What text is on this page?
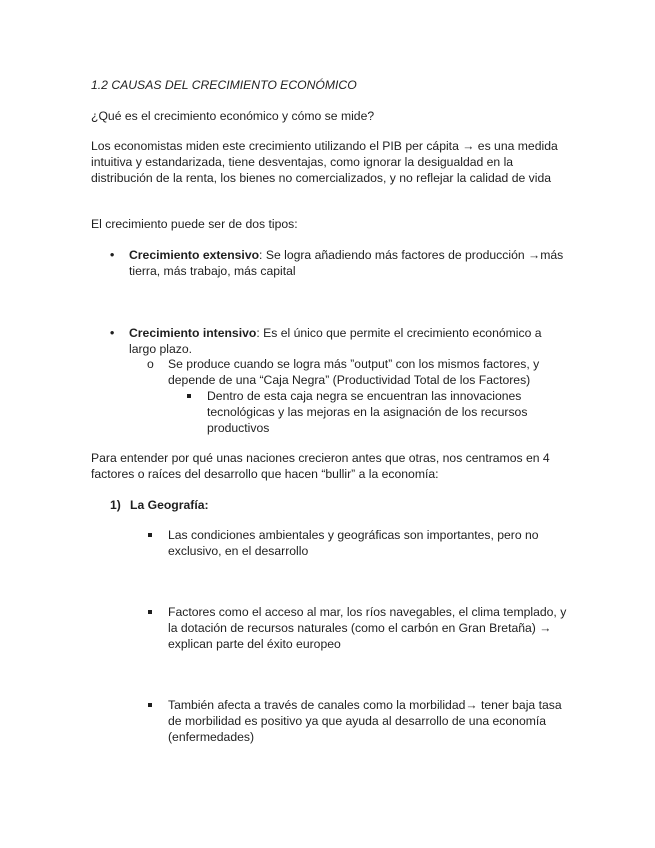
1.2 CAUSAS DEL CRECIMIENTO ECONÓMICO

¿Qué es el crecimiento económico y cómo se mide?

Los economistas miden este crecimiento utilizando el PIB per cápita → es una medida intuitiva y estandarizada, tiene desventajas, como ignorar la desigualdad en la distribución de la renta, los bienes no comercializados, y no reflejar la calidad de vida

El crecimiento puede ser de dos tipos:

• Crecimiento extensivo: Se logra añadiendo más factores de producción →más tierra, más trabajo, más capital

• Crecimiento intensivo: Es el único que permite el crecimiento económico a largo plazo.

o Se produce cuando se logra más ”output” con los mismos factores, y depende de una “Caja Negra” (Productividad Total de los Factores)

Dentro de esta caja negra se encuentran las innovaciones tecnológicas y las mejoras en la asignación de los recursos productivos

Para entender por qué unas naciones crecieron antes que otras, nos centramos en 4 factores o raíces del desarrollo que hacen “bullir” a la economía:

1) La Geografía:

Las condiciones ambientales y geográficas son importantes, pero no exclusivo, en el desarrollo

Factores como el acceso al mar, los ríos navegables, el clima templado, y la dotación de recursos naturales (como el carbón en Gran Bretaña) → explican parte del éxito europeo

También afecta a través de canales como la morbilidad→ tener baja tasa de morbilidad es positivo ya que ayuda al desarrollo de una economía (enfermedades)
